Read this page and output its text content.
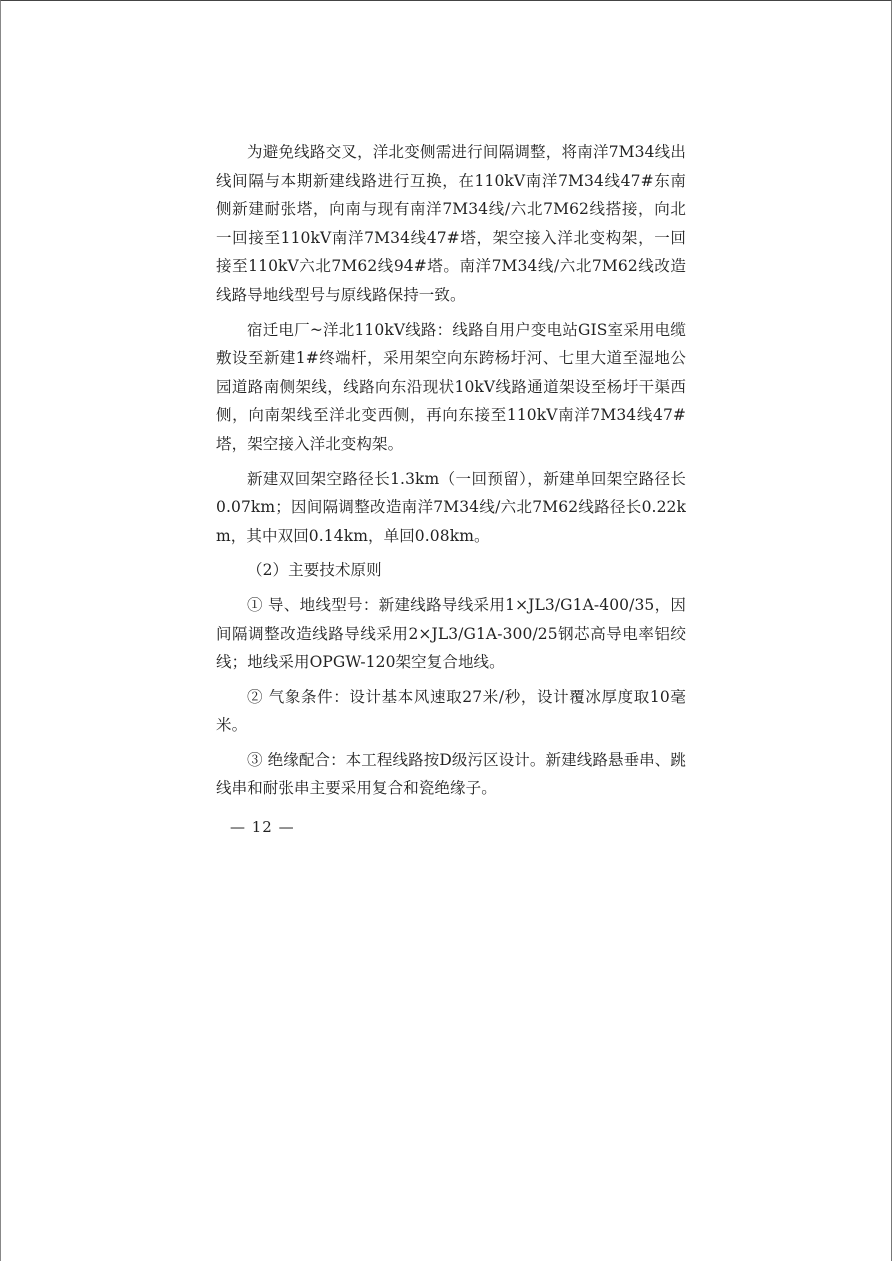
为避免线路交叉，洋北变侧需进行间隔调整，将南洋7M34线出线间隔与本期新建线路进行互换，在110kV南洋7M34线47#东南侧新建耐张塔，向南与现有南洋7M34线/六北7M62线搭接，向北一回接至110kV南洋7M34线47#塔，架空接入洋北变构架，一回接至110kV六北7M62线94#塔。南洋7M34线/六北7M62线改造线路导地线型号与原线路保持一致。

宿迁电厂~洋北110kV线路：线路自用户变电站GIS室采用电缆敷设至新建1#终端杆，采用架空向东跨杨圩河、七里大道至湿地公园道路南侧架线，线路向东沿现状10kV线路通道架设至杨圩干渠西侧，向南架线至洋北变西侧，再向东接至110kV南洋7M34线47#塔，架空接入洋北变构架。

新建双回架空路径长1.3km（一回预留），新建单回架空路径长0.07km；因间隔调整改造南洋7M34线/六北7M62线路径长0.22km，其中双回0.14km，单回0.08km。

（2）主要技术原则

① 导、地线型号：新建线路导线采用1×JL3/G1A-400/35，因间隔调整改造线路导线采用2×JL3/G1A-300/25钢芯高导电率铝绞线；地线采用OPGW-120架空复合地线。

② 气象条件：设计基本风速取27米/秒，设计覆冰厚度取10毫米。

③ 绝缘配合：本工程线路按D级污区设计。新建线路悬垂串、跳线串和耐张串主要采用复合和瓷绝缘子。

— 12 —
